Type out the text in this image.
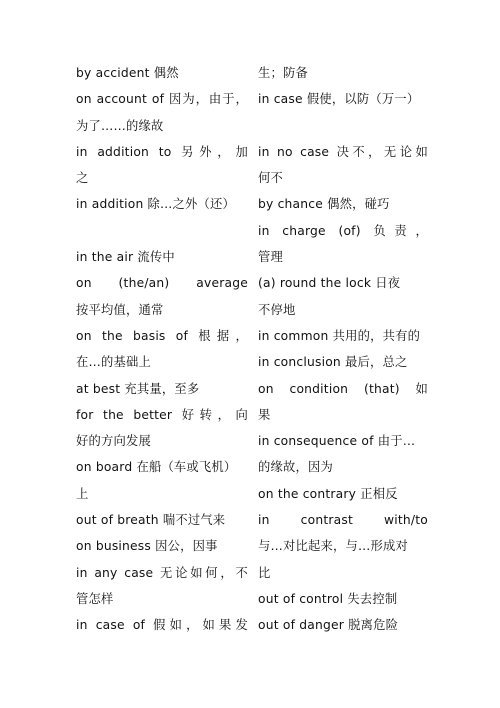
by accident 偶然
on account of 因为，由于，
为了……的缘故
in addition to 另外，加
之
in addition 除…之外（还）
in the air 流传中
on (the/an) average
按平均值，通常
on the basis of 根据，
在…的基础上
at best 充其量，至多
for the better 好转，向
好的方向发展
on board 在船（车或飞机）
上
out of breath 喘不过气来
on business 因公，因事
in any case 无论如何，不
管怎样
in case of 假如，如果发
生；防备
in case 假使，以防（万一）
in no case 决不，无论如
何不
by chance 偶然，碰巧
in charge (of) 负责，
管理
(a) round the lock 日夜
不停地
in common 共用的，共有的
in conclusion 最后，总之
on condition (that) 如
果
in consequence of 由于…
的缘故，因为
on the contrary 正相反
in contrast with/to
与…对比起来，与…形成对
比
out of control 失去控制
out of danger 脱离危险
